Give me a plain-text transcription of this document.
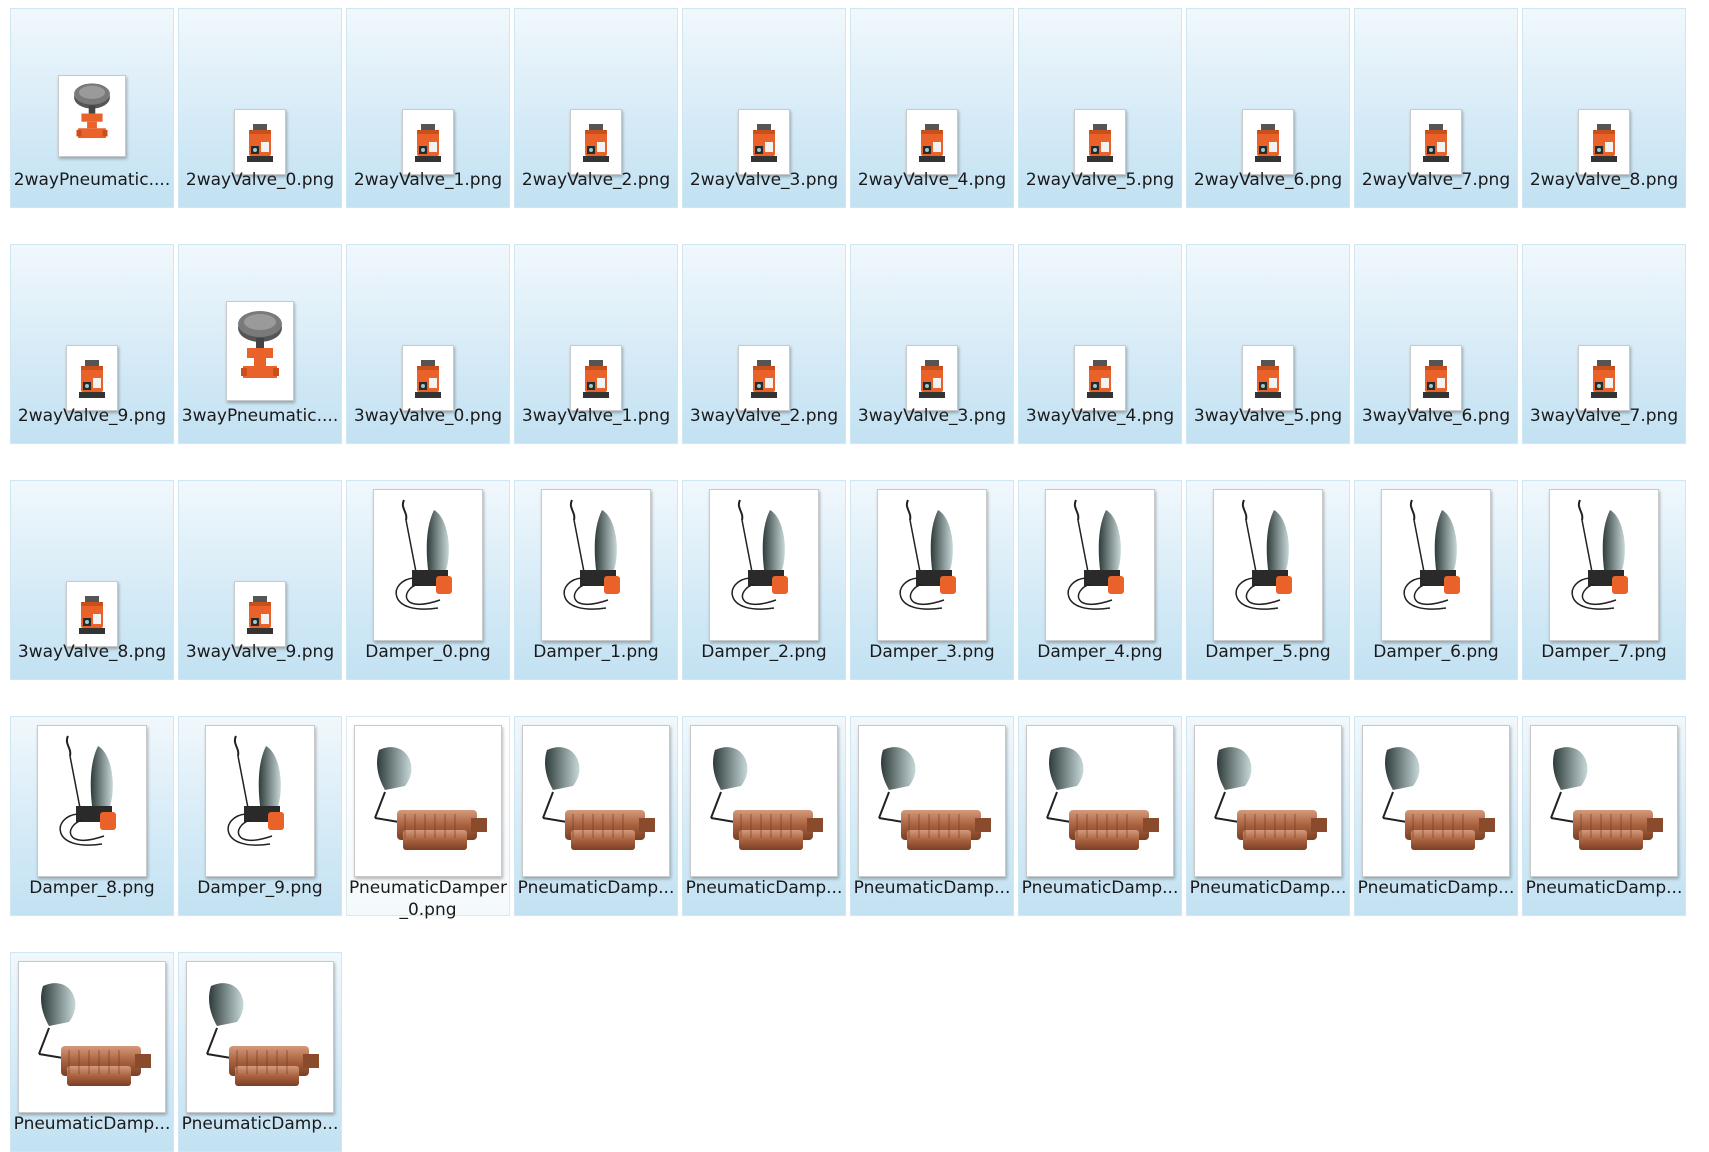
2wayPneumatic.... 2wayValve_0.png 2wayValve_1.png 2wayValve_2.png 2wayValve_3.png 2wayValve_4.png 2wayValve_5.png 2wayValve_6.png 2wayValve_7.png 2wayValve_8.png
2wayValve_9.png 3wayPneumatic.... 3wayValve_0.png 3wayValve_1.png 3wayValve_2.png 3wayValve_3.png 3wayValve_4.png 3wayValve_5.png 3wayValve_6.png 3wayValve_7.png
3wayValve_8.png 3wayValve_9.png	Damper_0.png	Damper_1.png	Damper_2.png	Damper_3.png	Damper_4.png	Damper_5.png	Damper_6.png	Damper_7.png
Damper_8.png	Damper_9.png	PneumaticDamper_0.png
PneumaticDamp... PneumaticDamp... PneumaticDamp... PneumaticDamp... PneumaticDamp... PneumaticDamp... PneumaticDamp...
PneumaticDamp... PneumaticDamp...
